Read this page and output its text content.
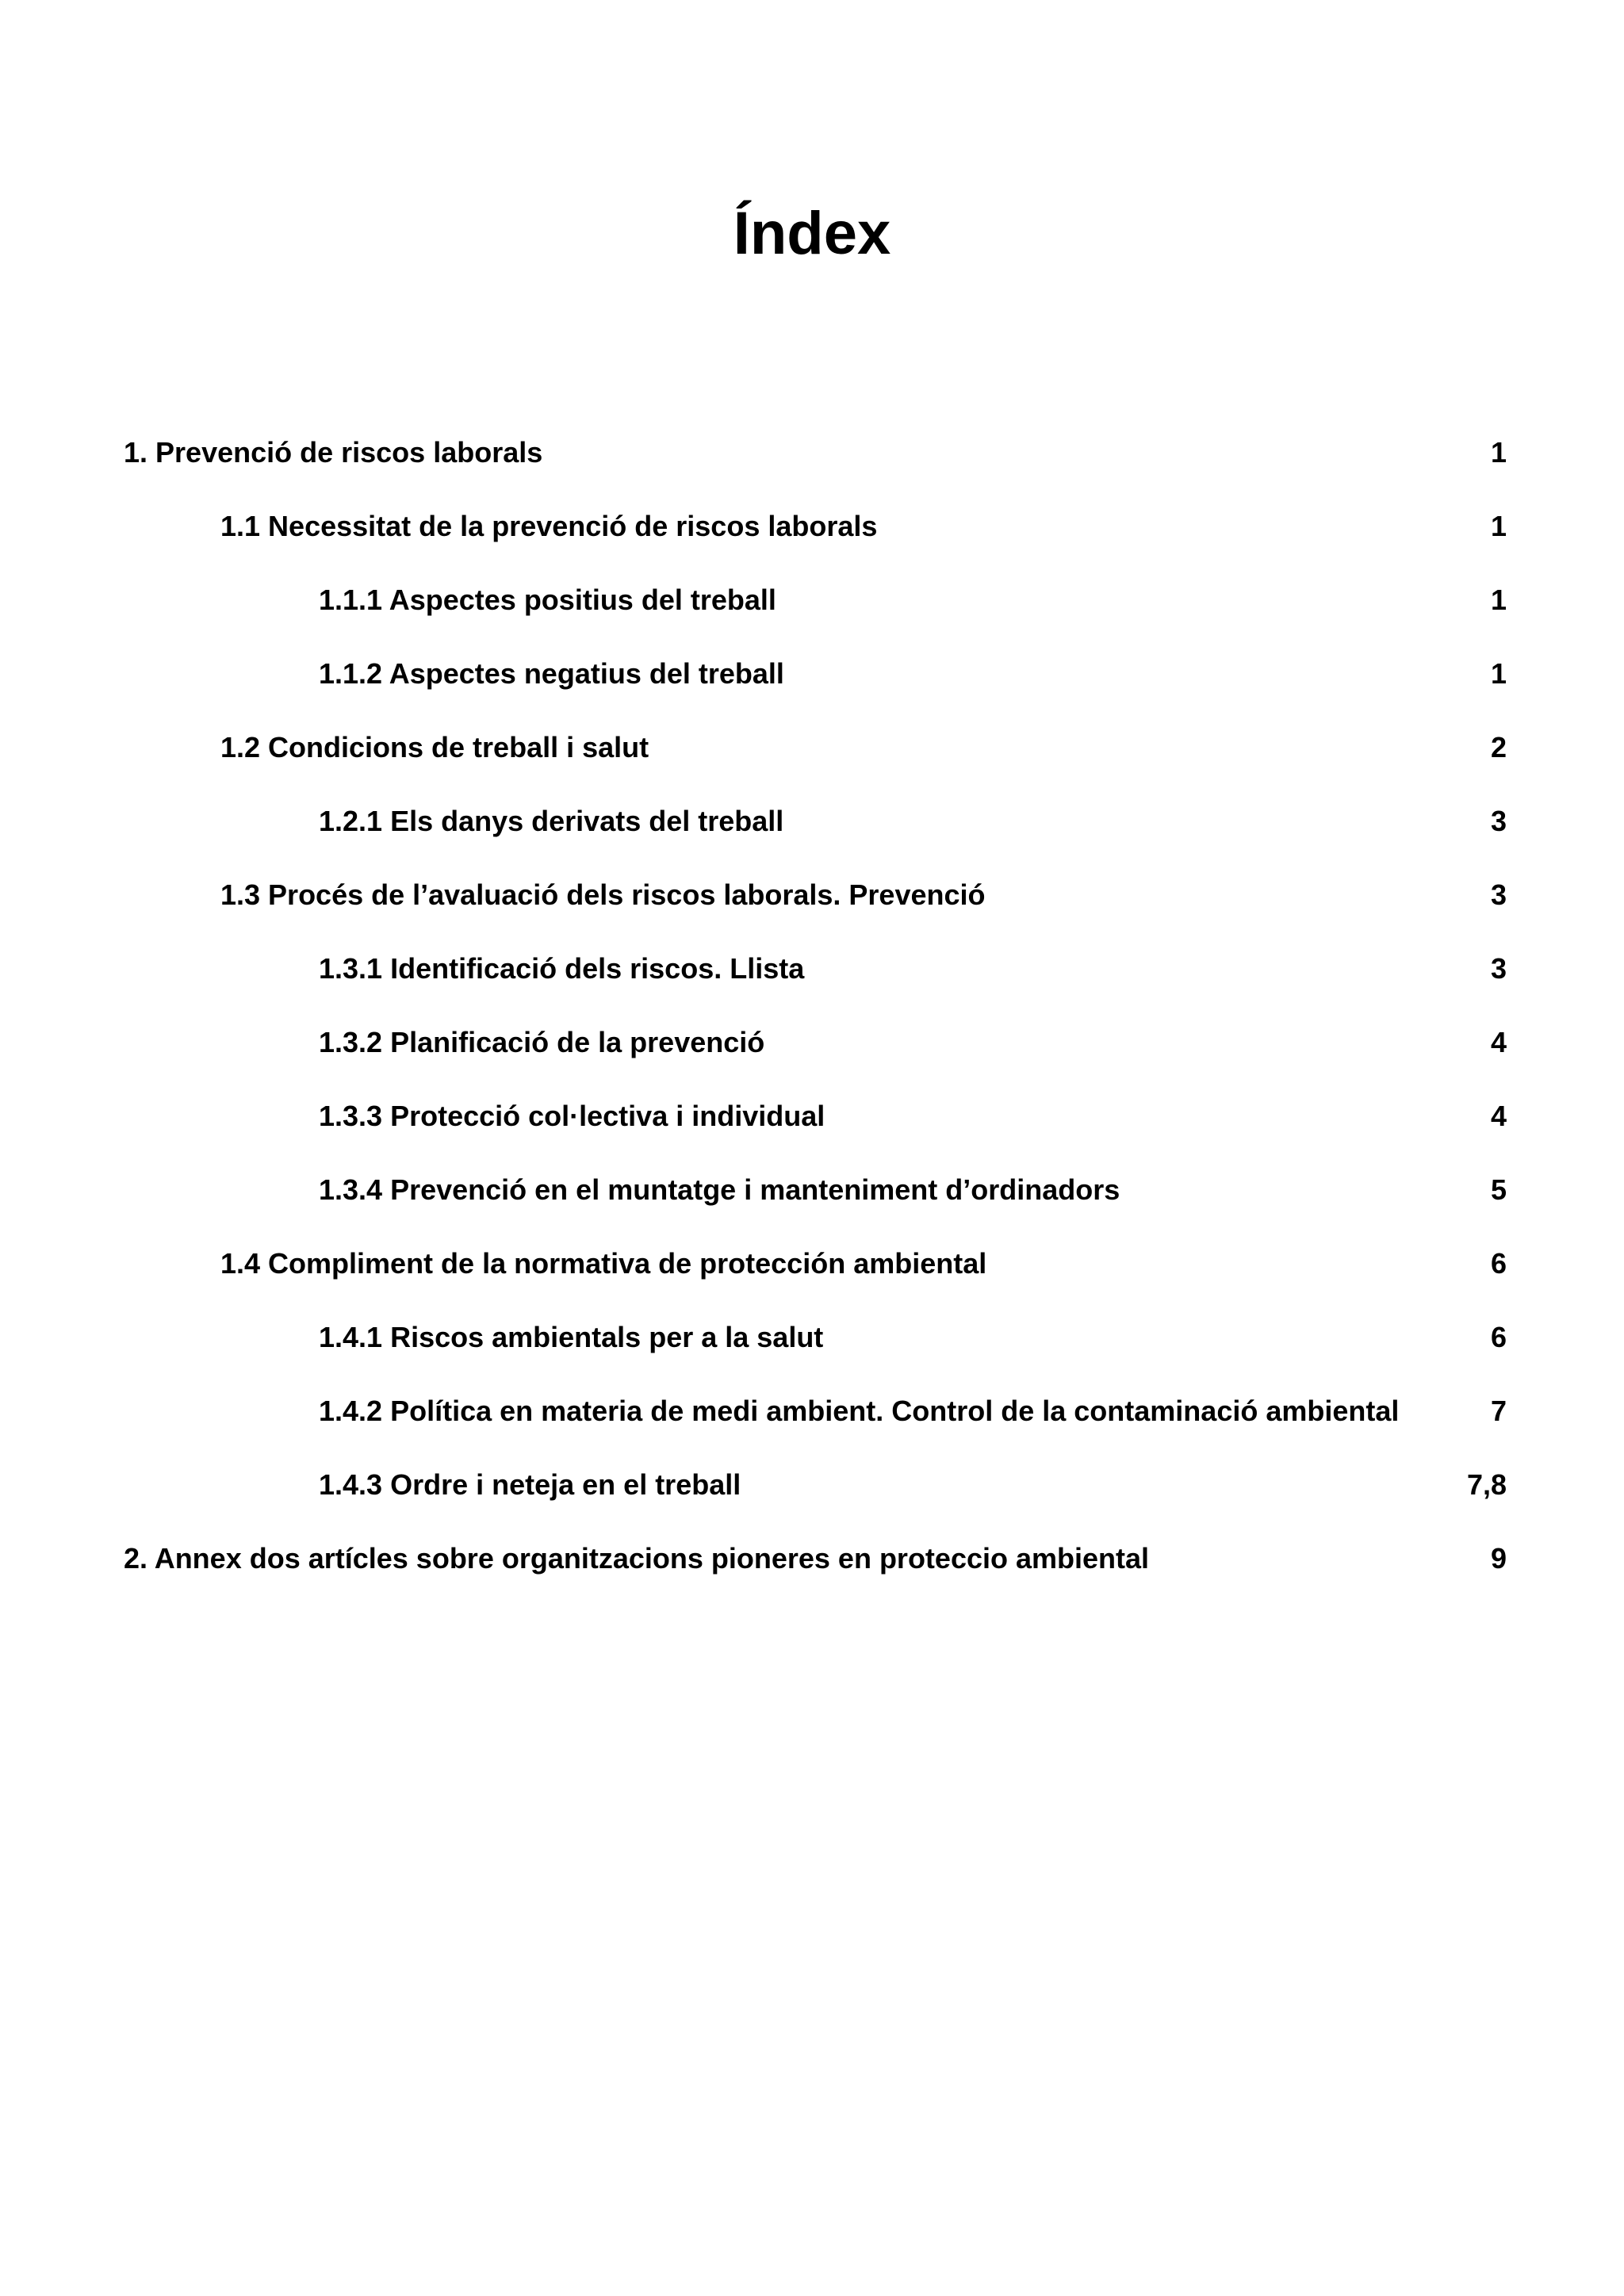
Índex
1. Prevenció de riscos laborals	1
1.1 Necessitat de la prevenció de riscos laborals	1
1.1.1 Aspectes positius del treball	1
1.1.2 Aspectes negatius del treball	1
1.2 Condicions de treball i salut	2
1.2.1 Els danys derivats del treball	3
1.3 Procés de l’avaluació dels riscos laborals. Prevenció	3
1.3.1 Identificació dels riscos. Llista	3
1.3.2 Planificació de la prevenció	4
1.3.3 Protecció col·lectiva i individual	4
1.3.4 Prevenció en el muntatge i manteniment d’ordinadors	5
1.4 Compliment de la normativa de protección ambiental	6
1.4.1 Riscos ambientals per a la salut	6
1.4.2 Política en materia de medi ambient. Control de la contaminació ambiental	7
1.4.3 Ordre i neteja en el treball	7,8
2. Annex dos artícles sobre organitzacions pioneres en proteccio ambiental	9
